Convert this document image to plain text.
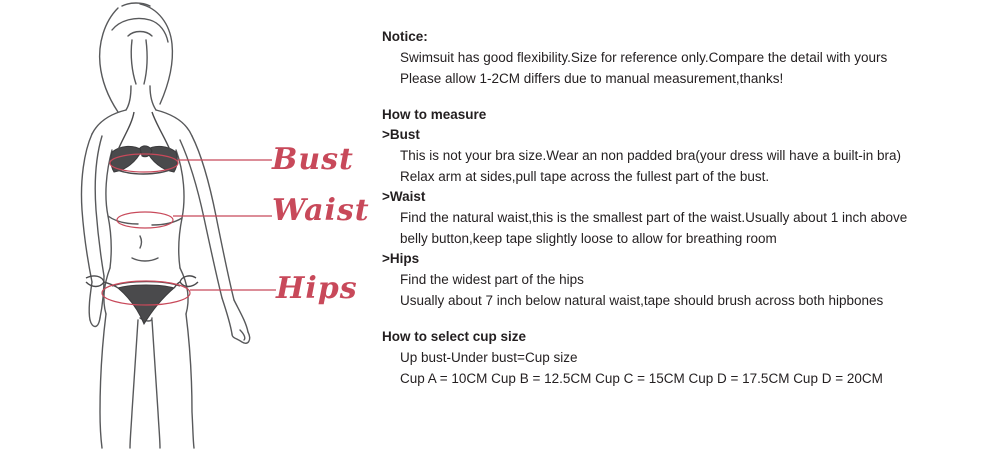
Bust
Waist
Hips

Notice:

Swimsuit has good flexibility.Size for reference only.Compare the detail with yours

Please allow 1-2CM differs due to manual measurement,thanks!

How to measure

>Bust

This is not your bra size.Wear an non padded bra(your dress will have a built-in bra)

Relax arm at sides,pull tape across the fullest part of the bust.

>Waist

Find the natural waist,this is the smallest part of the waist.Usually about 1 inch above

belly button,keep tape slightly loose to allow for breathing room

>Hips

Find the widest part of the hips

Usually about 7 inch below natural waist,tape should brush across both hipbones

How to select cup size

Up bust-Under bust=Cup size

Cup A = 10CM Cup B = 12.5CM Cup C = 15CM Cup D = 17.5CM Cup D = 20CM
